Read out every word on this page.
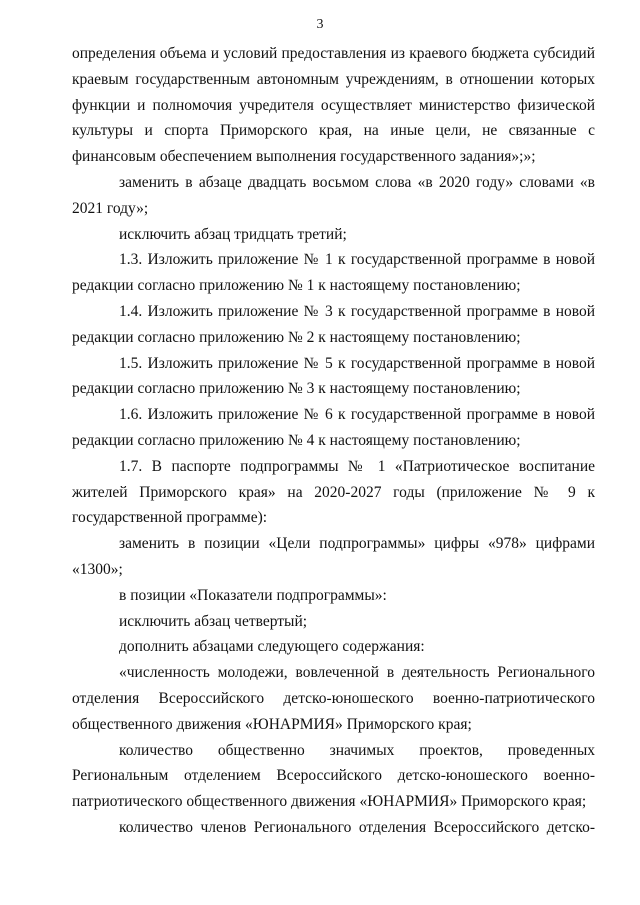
3

определения объема и условий предоставления из краевого бюджета субсидий краевым государственным автономным учреждениям, в отношении которых функции и полномочия учредителя осуществляет министерство физической культуры и спорта Приморского края, на иные цели, не связанные с финансовым обеспечением выполнения государственного задания»;»;

заменить в абзаце двадцать восьмом слова «в 2020 году» словами «в 2021 году»;

исключить абзац тридцать третий;

1.3. Изложить приложение № 1 к государственной программе в новой редакции согласно приложению № 1 к настоящему постановлению;

1.4. Изложить приложение № 3 к государственной программе в новой редакции согласно приложению № 2 к настоящему постановлению;

1.5. Изложить приложение № 5 к государственной программе в новой редакции согласно приложению № 3 к настоящему постановлению;

1.6. Изложить приложение № 6 к государственной программе в новой редакции согласно приложению № 4 к настоящему постановлению;

1.7. В паспорте подпрограммы № 1 «Патриотическое воспитание жителей Приморского края» на 2020-2027 годы (приложение № 9 к государственной программе):

заменить в позиции «Цели подпрограммы» цифры «978» цифрами «1300»;

в позиции «Показатели подпрограммы»:

исключить абзац четвертый;

дополнить абзацами следующего содержания:

«численность молодежи, вовлеченной в деятельность Регионального отделения Всероссийского детско-юношеского военно-патриотического общественного движения «ЮНАРМИЯ» Приморского края;

количество общественно значимых проектов, проведенных Региональным отделением Всероссийского детско-юношеского военно-патриотического общественного движения «ЮНАРМИЯ» Приморского края;

количество членов Регионального отделения Всероссийского детско-
